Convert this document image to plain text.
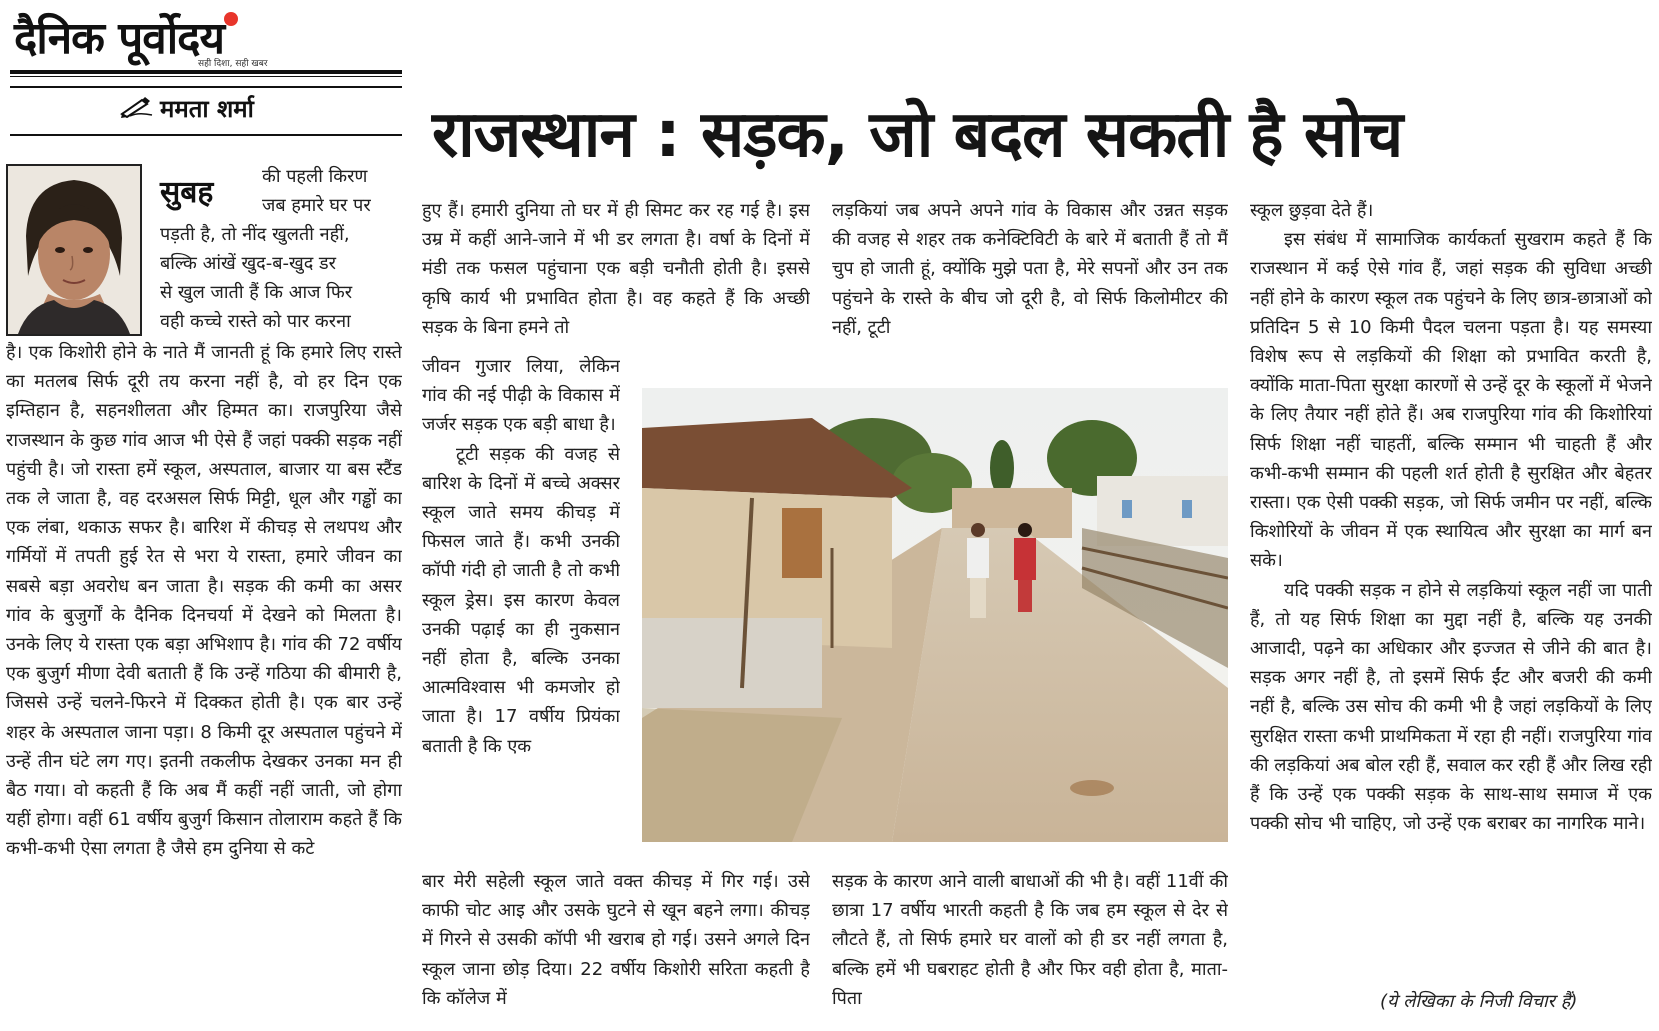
दैनिक पूर्वोदय
सही दिशा, सही खबर
ममता शर्मा	राजस्थान : सड़क, जो बदल सकती है सोच
सुबह	की पहली किरण
जब हमारे घर पर
पड़ती है, तो नींद खुलती नहीं,
बल्कि आंखें खुद-ब-खुद डर
से खुल जाती हैं कि आज फिर
वही कच्चे रास्ते को पार करना

है। एक किशोरी होने के नाते मैं जानती हूं कि हमारे लिए रास्ते का मतलब सिर्फ दूरी तय करना नहीं है, वो हर दिन एक इम्तिहान है, सहनशीलता और हिम्मत का। राजपुरिया जैसे राजस्थान के कुछ गांव आज भी ऐसे हैं जहां पक्की सड़क नहीं पहुंची है। जो रास्ता हमें स्कूल, अस्पताल, बाजार या बस स्टैंड तक ले जाता है, वह दरअसल सिर्फ मिट्टी, धूल और गड्ढों का एक लंबा, थकाऊ सफर है। बारिश में कीचड़ से लथपथ और गर्मियों में तपती हुई रेत से भरा ये रास्ता, हमारे जीवन का सबसे बड़ा अवरोध बन जाता है। सड़क की कमी का असर गांव के बुजुर्गों के दैनिक दिनचर्या में देखने को मिलता है। उनके लिए ये रास्ता एक बड़ा अभिशाप है। गांव की 72 वर्षीय एक बुजुर्ग मीणा देवी बताती हैं कि उन्हें गठिया की बीमारी है, जिससे उन्हें चलने-फिरने में दिक्कत होती है। एक बार उन्हें शहर के अस्पताल जाना पड़ा। 8 किमी दूर अस्पताल पहुंचने में उन्हें तीन घंटे लग गए। इतनी तकलीफ देखकर उनका मन ही बैठ गया। वो कहती हैं कि अब मैं कहीं नहीं जाती, जो होगा यहीं होगा। वहीं 61 वर्षीय बुजुर्ग किसान तोलाराम कहते हैं कि कभी-कभी ऐसा लगता है जैसे हम दुनिया से कटे

हुए हैं। हमारी दुनिया तो घर में ही सिमट कर रह गई है। इस उम्र में कहीं आने-जाने में भी डर लगता है। वर्षा के दिनों में मंडी तक फसल पहुंचाना एक बड़ी चनौती होती है। इससे कृषि कार्य भी प्रभावित होता है। वह कहते हैं कि अच्छी सड़क के बिना हमने तो

जीवन गुजार लिया, लेकिन गांव की नई पीढ़ी के विकास में जर्जर सड़क एक बड़ी बाधा है।

टूटी सड़क की वजह से बारिश के दिनों में बच्चे अक्सर स्कूल जाते समय कीचड़ में फिसल जाते हैं। कभी उनकी कॉपी गंदी हो जाती है तो कभी स्कूल ड्रेस। इस कारण केवल उनकी पढ़ाई का ही नुकसान नहीं होता है, बल्कि उनका आत्मविश्वास भी कमजोर हो जाता है। 17 वर्षीय प्रियंका बताती है कि एक

बार मेरी सहेली स्कूल जाते वक्त कीचड़ में गिर गई। उसे काफी चोट आइ और उसके घुटने से खून बहने लगा। कीचड़ में गिरने से उसकी कॉपी भी खराब हो गई। उसने अगले दिन स्कूल जाना छोड़ दिया। 22 वर्षीय किशोरी सरिता कहती है कि कॉलेज में

लड़कियां जब अपने अपने गांव के विकास और उन्नत सड़क की वजह से शहर तक कनेक्टिविटी के बारे में बताती हैं तो मैं चुप हो जाती हूं, क्योंकि मुझे पता है, मेरे सपनों और उन तक पहुंचने के रास्ते के बीच जो दूरी है, वो सिर्फ किलोमीटर की नहीं, टूटी

सड़क के कारण आने वाली बाधाओं की भी है। वहीं 11वीं की छात्रा 17 वर्षीय भारती कहती है कि जब हम स्कूल से देर से लौटते हैं, तो सिर्फ हमारे घर वालों को ही डर नहीं लगता है, बल्कि हमें भी घबराहट होती है और फिर वही होता है, माता-पिता

स्कूल छुड़वा देते हैं।

इस संबंध में सामाजिक कार्यकर्ता सुखराम कहते हैं कि राजस्थान में कई ऐसे गांव हैं, जहां सड़क की सुविधा अच्छी नहीं होने के कारण स्कूल तक पहुंचने के लिए छात्र-छात्राओं को प्रतिदिन 5 से 10 किमी पैदल चलना पड़ता है। यह समस्या विशेष रूप से लड़कियों की शिक्षा को प्रभावित करती है, क्योंकि माता-पिता सुरक्षा कारणों से उन्हें दूर के स्कूलों में भेजने के लिए तैयार नहीं होते हैं। अब राजपुरिया गांव की किशोरियां सिर्फ शिक्षा नहीं चाहतीं, बल्कि सम्मान भी चाहती हैं और कभी-कभी सम्मान की पहली शर्त होती है सुरक्षित और बेहतर रास्ता। एक ऐसी पक्की सड़क, जो सिर्फ जमीन पर नहीं, बल्कि किशोरियों के जीवन में एक स्थायित्व और सुरक्षा का मार्ग बन सके।

यदि पक्की सड़क न होने से लड़कियां स्कूल नहीं जा पाती हैं, तो यह सिर्फ शिक्षा का मुद्दा नहीं है, बल्कि यह उनकी आजादी, पढ़ने का अधिकार और इज्जत से जीने की बात है। सड़क अगर नहीं है, तो इसमें सिर्फ ईंट और बजरी की कमी नहीं है, बल्कि उस सोच की कमी भी है जहां लड़कियों के लिए सुरक्षित रास्ता कभी प्राथमिकता में रहा ही नहीं। राजपुरिया गांव की लड़कियां अब बोल रही हैं, सवाल कर रही हैं और लिख रही हैं कि उन्हें एक पक्की सड़क के साथ-साथ समाज में एक पक्की सोच भी चाहिए, जो उन्हें एक बराबर का नागरिक माने।

(ये लेखिका के निजी विचार हैं)
